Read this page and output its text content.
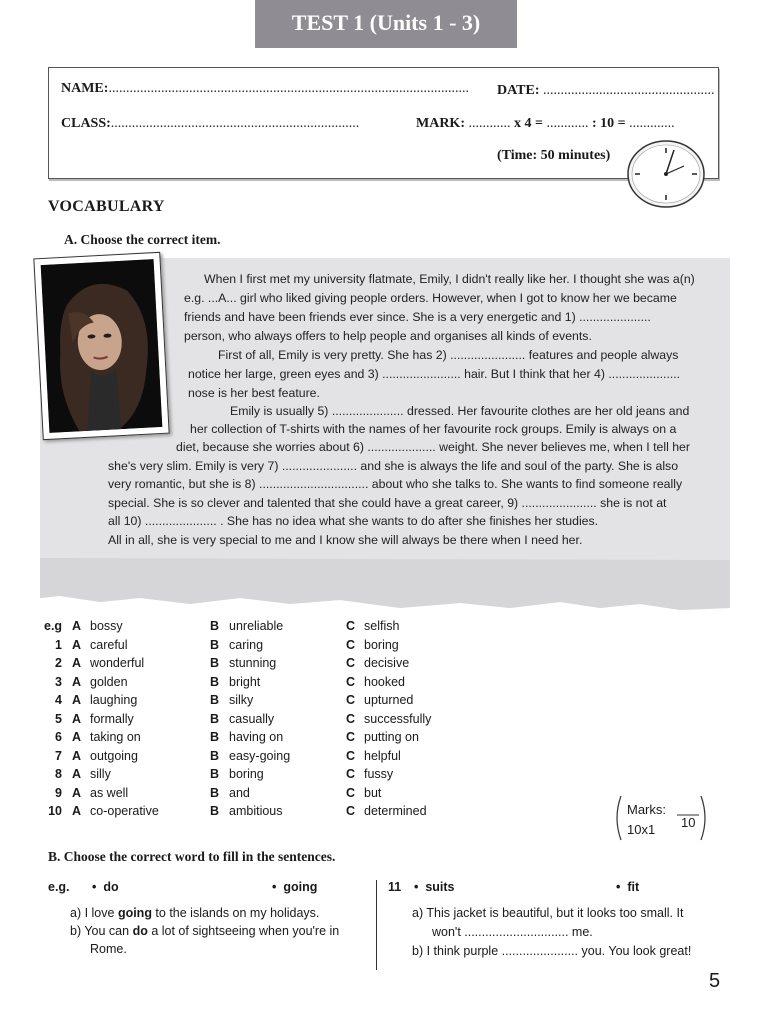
TEST 1 (Units 1 - 3)
NAME:....................................................................................................... DATE: .................................................
CLASS:.......................................................................	MARK: ............ x 4 = ............ : 10 = .............
(Time: 50 minutes)
VOCABULARY
A. Choose the correct item.
When I first met my university flatmate, Emily, I didn't really like her. I thought she was a(n)
e.g. ...A... girl who liked giving people orders. However, when I got to know her we became
friends and have been friends ever since. She is a very energetic and 1) .....................
person, who always offers to help people and organises all kinds of events.
First of all, Emily is very pretty. She has 2) ...................... features and people always
notice her large, green eyes and 3) ....................... hair. But I think that her 4) .....................
nose is her best feature.
Emily is usually 5) ..................... dressed. Her favourite clothes are her old jeans and
her collection of T-shirts with the names of her favourite rock groups. Emily is always on a
diet, because she worries about 6) .................... weight. She never believes me, when I tell her
she's very slim. Emily is very 7) ...................... and she is always the life and soul of the party. She is also
very romantic, but she is 8) ................................ about who she talks to. She wants to find someone really
special. She is so clever and talented that she could have a great career, 9) ...................... she is not at
all 10) ..................... . She has no idea what she wants to do after she finishes her studies.
All in all, she is very special to me and I know she will always be there when I need her.
e.g A bossy	B unreliable	C selfish
1 A careful	B caring	C boring
2 A wonderful	B stunning	C decisive
3 A golden	B bright	C hooked
4 A laughing	B silky	C upturned
5 A formally	B casually	C successfully
6 A taking on	B having on	C putting on
7 A outgoing	B easy-going	C helpful
8 A silly	B boring	C fussy
9 A as well	B and	C but
10 A co-operative	B ambitious	C determined	Marks:
10
10x1
B. Choose the correct word to fill in the sentences.
e.g. •  do	•  going
a) I love going to the islands on my holidays.
b) You can do a lot of sightseeing when you're in
Rome.
11 •  suits	•  fit
a) This jacket is beautiful, but it looks too small. It
won't .............................. me.
b) I think purple ...................... you. You look great!
5
